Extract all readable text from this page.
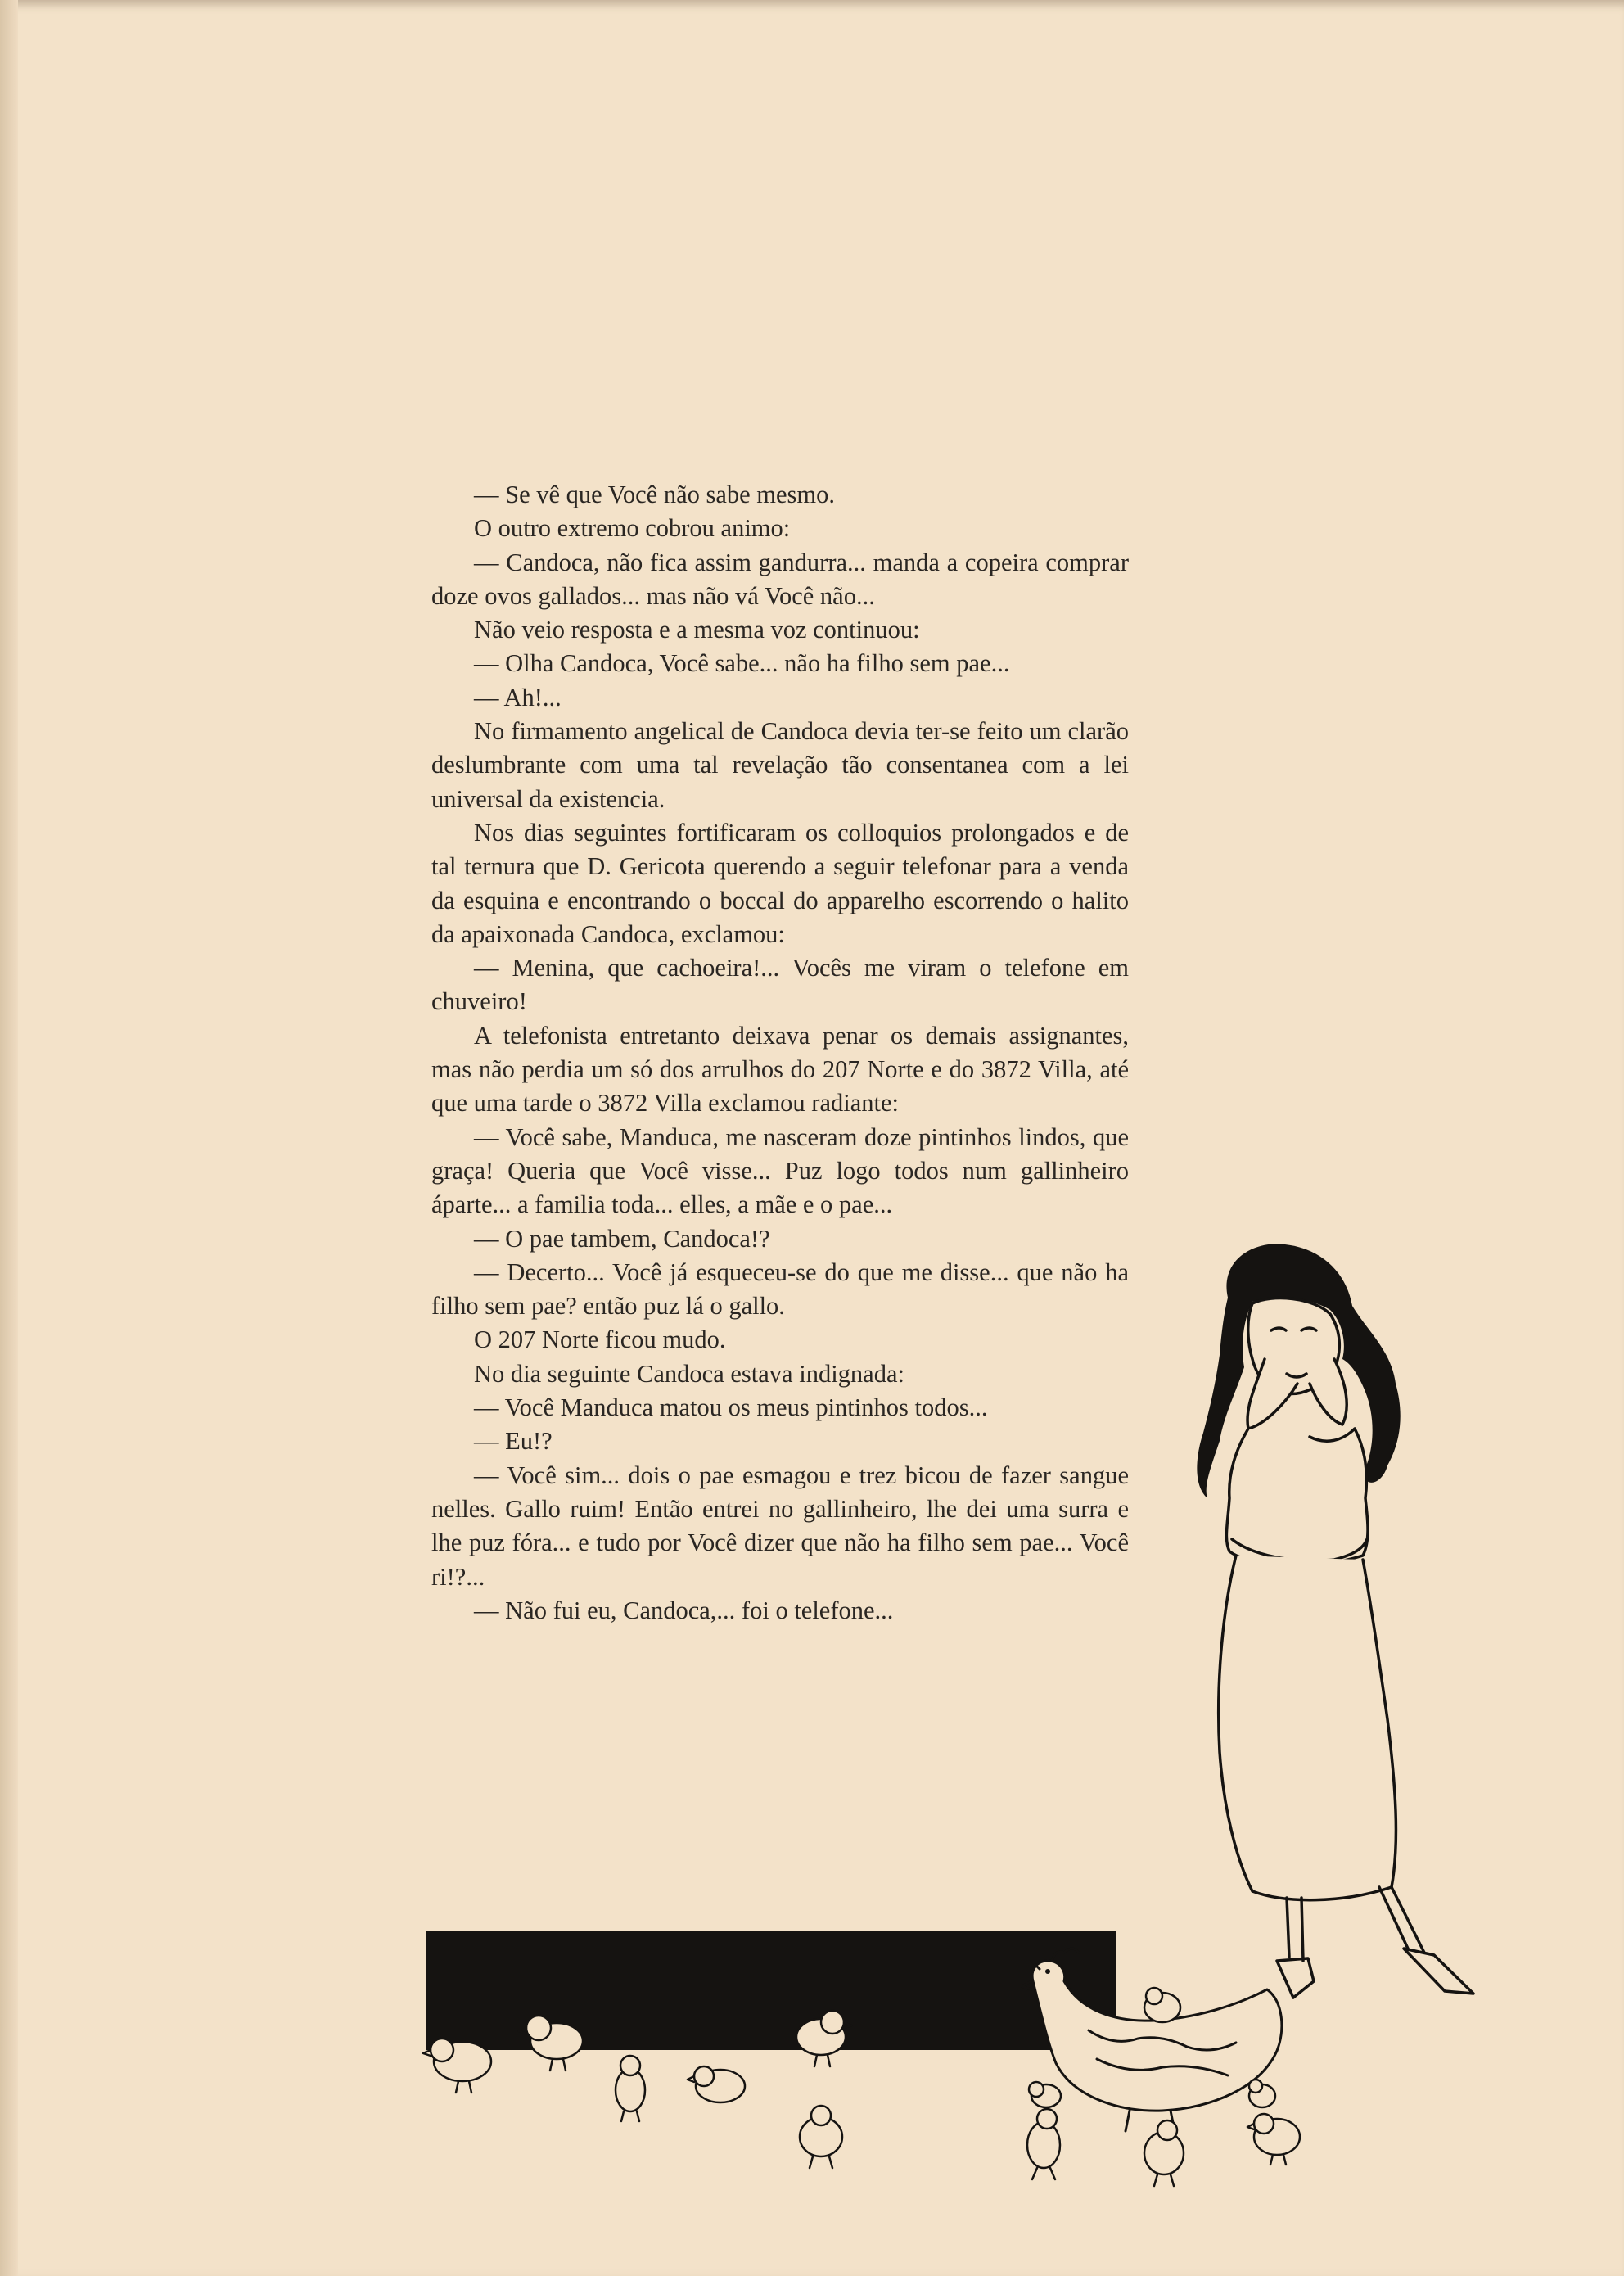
— Se vê que Você não sabe mesmo.

O outro extremo cobrou animo:

— Candoca, não fica assim gandurra... manda a copeira comprar doze ovos gallados... mas não vá Você não...

Não veio resposta e a mesma voz continuou:

— Olha Candoca, Você sabe... não ha filho sem pae...

— Ah!...

No firmamento angelical de Candoca devia ter-se feito um clarão deslumbrante com uma tal revelação tão consentanea com a lei universal da existencia.

Nos dias seguintes fortificaram os colloquios prolongados e de tal ternura que D. Gericota querendo a seguir telefonar para a venda da esquina e encontrando o boccal do apparelho escorrendo o halito da apaixonada Candoca, exclamou:

— Menina, que cachoeira!... Vocês me viram o telefone em chuveiro!

A telefonista entretanto deixava penar os demais assignantes, mas não perdia um só dos arrulhos do 207 Norte e do 3872 Villa, até que uma tarde o 3872 Villa exclamou radiante:

— Você sabe, Manduca, me nasceram doze pintinhos lindos, que graça! Queria que Você visse... Puz logo todos num gallinheiro áparte... a familia toda... elles, a mãe e o pae...

— O pae tambem, Candoca!?

— Decerto... Você já esqueceu-se do que me disse... que não ha filho sem pae? então puz lá o gallo.

O 207 Norte ficou mudo.

No dia seguinte Candoca estava indignada:

— Você Manduca matou os meus pintinhos todos...

— Eu!?

— Você sim... dois o pae esmagou e trez bicou de fazer sangue nelles. Gallo ruim! Então entrei no gallinheiro, lhe dei uma surra e lhe puz fóra... e tudo por Você dizer que não ha filho sem pae... Você ri!?...

— Não fui eu, Candoca,... foi o telefone...
